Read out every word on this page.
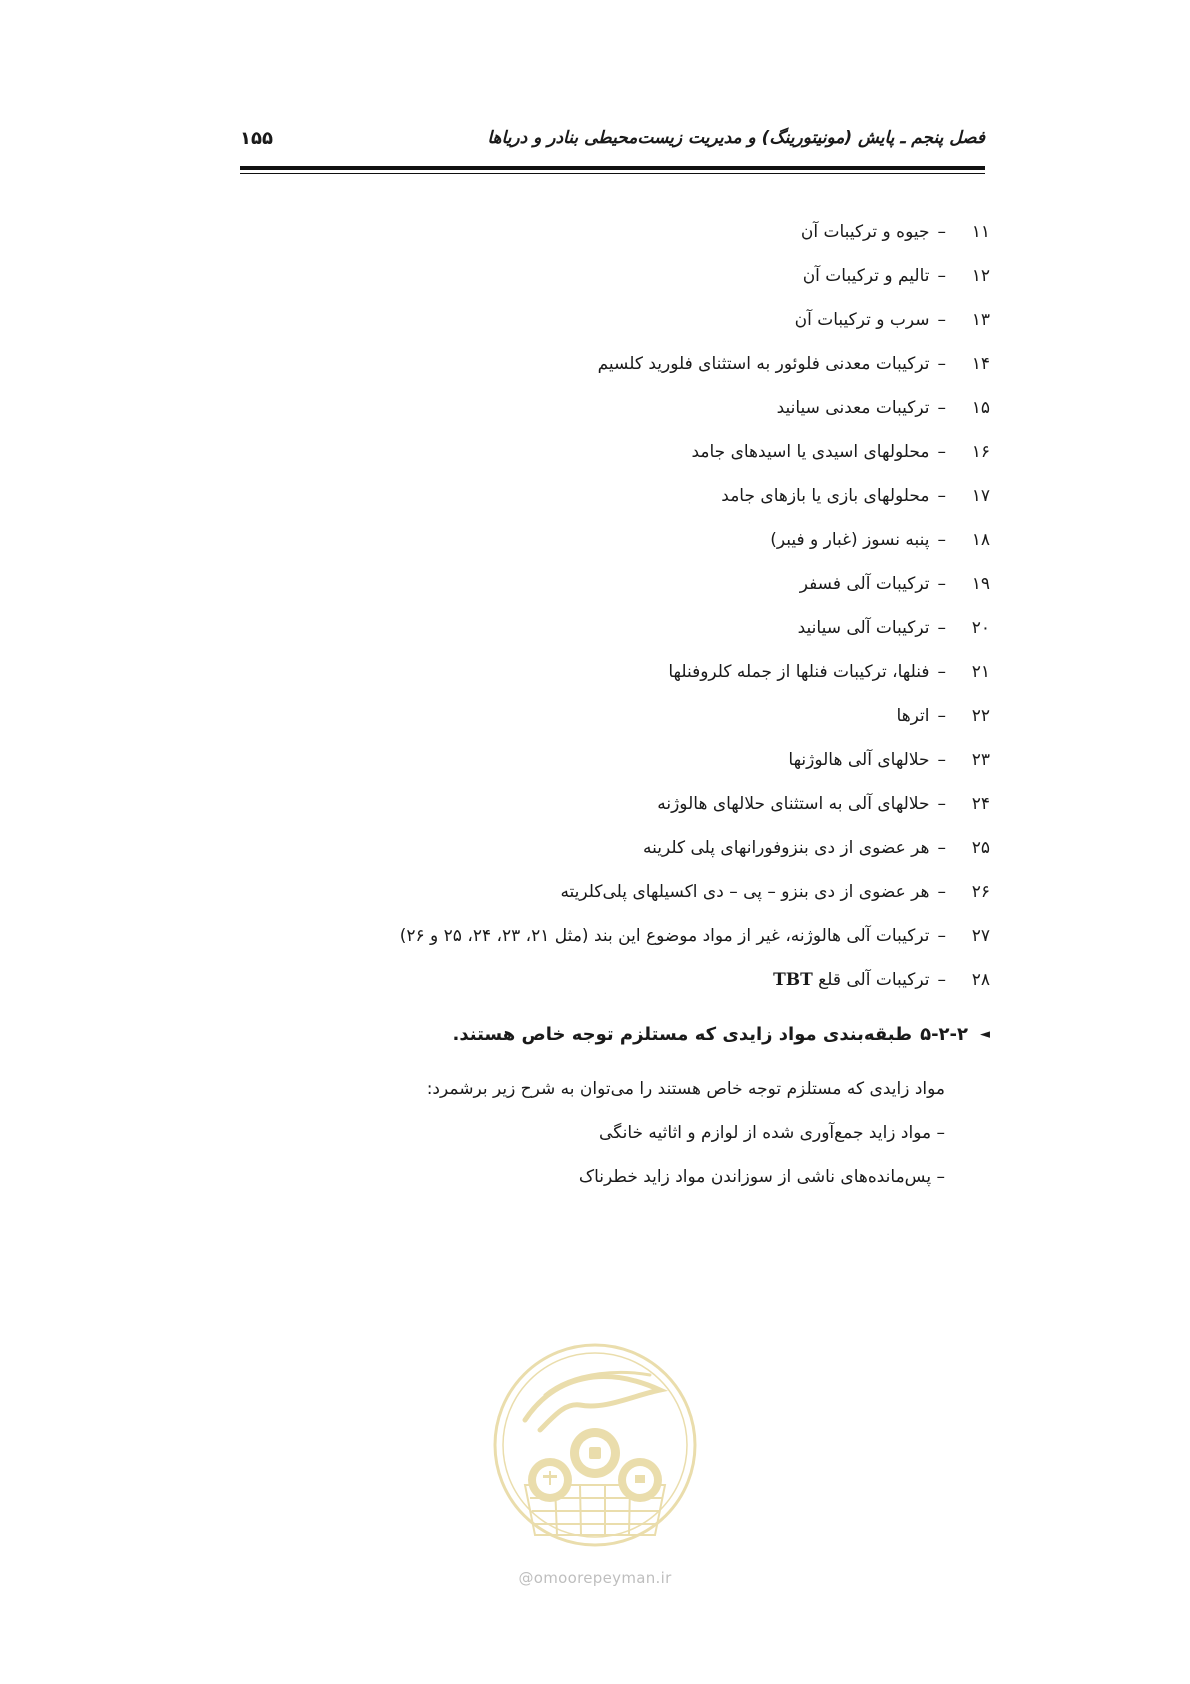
فصل پنجم ـ پایش (مونیتورینگ) و مدیریت زیست‌محیطی بنادر و دریاها
۱۵۵
۱۱
–
جیوه و ترکیبات آن
۱۲
–
تالیم و ترکیبات آن
۱۳
–
سرب و ترکیبات آن
۱۴
–
ترکیبات معدنی فلوئور به استثنای فلورید کلسیم
۱۵
–
ترکیبات معدنی سیانید
۱۶
–
محلولهای اسیدی یا اسیدهای جامد
۱۷
–
محلولهای بازی یا بازهای جامد
۱۸
–
پنبه نسوز (غبار و فیبر)
۱۹
–
ترکیبات آلی فسفر
۲۰
–
ترکیبات آلی سیانید
۲۱
–
فنلها، ترکیبات فنلها از جمله کلروفنلها
۲۲
–
اترها
۲۳
–
حلالهای آلی هالوژنها
۲۴
–
حلالهای آلی به استثنای حلالهای هالوژنه
۲۵
–
هر عضوی از دی بنزوفورانهای پلی کلرینه
۲۶
–
هر عضوی از دی بنزو – پی – دی اکسیلهای پلی‌کلریته
۲۷
–
ترکیبات آلی هالوژنه، غیر از مواد موضوع این بند (مثل ۲۱، ۲۳، ۲۴، ۲۵ و ۲۶)
۲۸
–
ترکیبات آلی قلع

TBT
◄
۵-۲-۲
طبقه‌بندی مواد زایدی که مستلزم توجه خاص هستند.

مواد زایدی که مستلزم توجه خاص هستند را می‌توان به شرح زیر برشمرد:

– مواد زاید جمع‌آوری شده از لوازم و اثاثیه خانگی

– پس‌مانده‌های ناشی از سوزاندن مواد زاید خطرناک

@omoorepeyman.ir
